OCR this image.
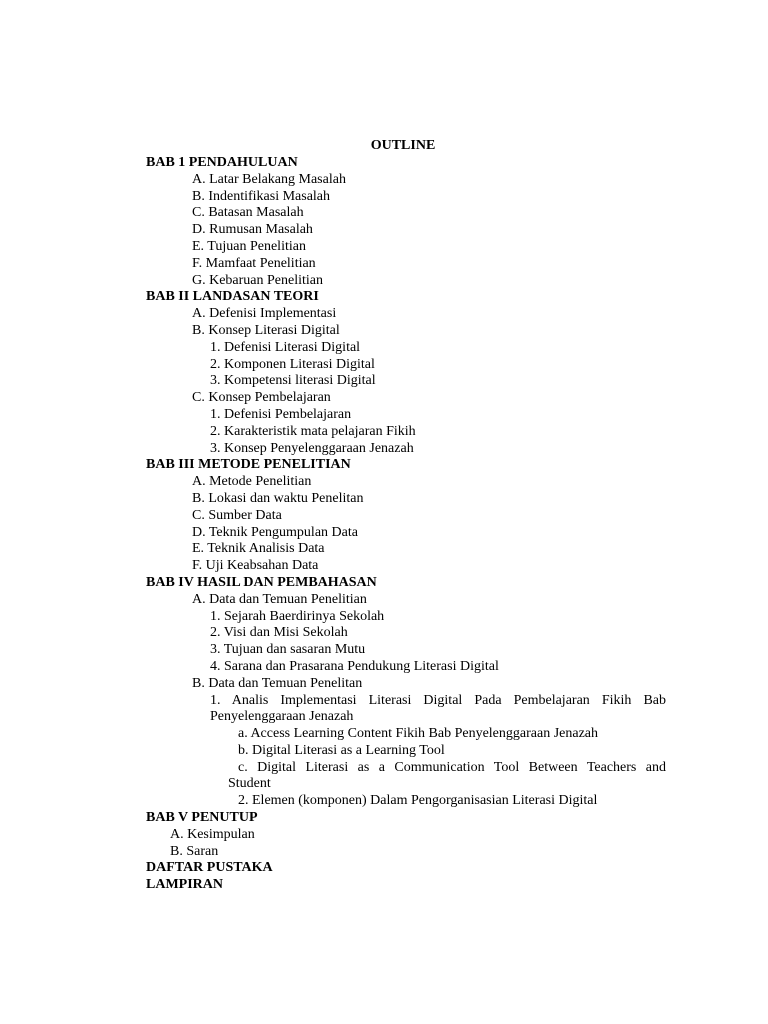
OUTLINE
BAB 1 PENDAHULUAN
A. Latar Belakang Masalah
B. Indentifikasi Masalah
C. Batasan Masalah
D. Rumusan Masalah
E. Tujuan Penelitian
F. Mamfaat Penelitian
G. Kebaruan Penelitian
BAB II LANDASAN TEORI
A. Defenisi Implementasi
B. Konsep Literasi Digital
1. Defenisi Literasi Digital
2. Komponen Literasi Digital
3. Kompetensi literasi Digital
C. Konsep Pembelajaran
1. Defenisi Pembelajaran
2. Karakteristik mata pelajaran Fikih
3. Konsep Penyelenggaraan Jenazah
BAB III METODE PENELITIAN
A. Metode Penelitian
B. Lokasi dan waktu Penelitan
C. Sumber Data
D. Teknik Pengumpulan Data
E. Teknik Analisis Data
F. Uji Keabsahan Data
BAB IV HASIL DAN PEMBAHASAN
A. Data dan Temuan Penelitian
1. Sejarah Baerdirinya Sekolah
2. Visi dan Misi Sekolah
3. Tujuan dan sasaran Mutu
4. Sarana dan Prasarana Pendukung Literasi Digital
B. Data dan Temuan Penelitan
1. Analis Implementasi Literasi Digital Pada Pembelajaran Fikih Bab
Penyelenggaraan Jenazah
a. Access Learning Content Fikih Bab Penyelenggaraan Jenazah
b. Digital Literasi as a Learning Tool
c. Digital Literasi as a Communication Tool Between Teachers and
Student
2. Elemen (komponen) Dalam Pengorganisasian Literasi Digital
BAB V PENUTUP
A. Kesimpulan
B. Saran
DAFTAR PUSTAKA
LAMPIRAN
